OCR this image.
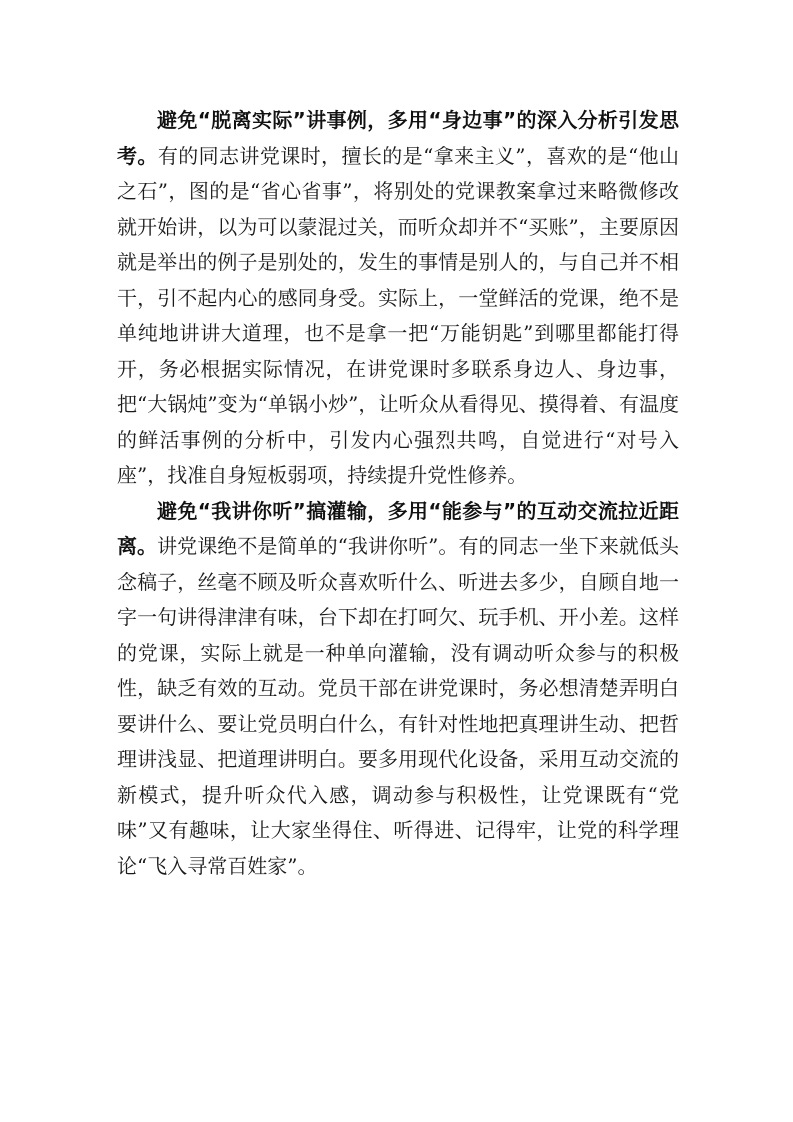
避免“脱离实际”讲事例，多用“身边事”的深入分析引发思考。有的同志讲党课时，擅长的是“拿来主义”，喜欢的是“他山之石”，图的是“省心省事”，将别处的党课教案拿过来略微修改就开始讲，以为可以蒙混过关，而听众却并不“买账”，主要原因就是举出的例子是别处的，发生的事情是别人的，与自己并不相干，引不起内心的感同身受。实际上，一堂鲜活的党课，绝不是单纯地讲讲大道理，也不是拿一把“万能钥匙”到哪里都能打得开，务必根据实际情况，在讲党课时多联系身边人、身边事，把“大锅炖”变为“单锅小炒”，让听众从看得见、摸得着、有温度的鲜活事例的分析中，引发内心强烈共鸣，自觉进行“对号入座”，找准自身短板弱项，持续提升党性修养。

避免“我讲你听”搞灌输，多用“能参与”的互动交流拉近距离。讲党课绝不是简单的“我讲你听”。有的同志一坐下来就低头念稿子，丝毫不顾及听众喜欢听什么、听进去多少，自顾自地一字一句讲得津津有味，台下却在打呵欠、玩手机、开小差。这样的党课，实际上就是一种单向灌输，没有调动听众参与的积极性，缺乏有效的互动。党员干部在讲党课时，务必想清楚弄明白要讲什么、要让党员明白什么，有针对性地把真理讲生动、把哲理讲浅显、把道理讲明白。要多用现代化设备，采用互动交流的新模式，提升听众代入感，调动参与积极性，让党课既有“党味”又有趣味，让大家坐得住、听得进、记得牢，让党的科学理论“飞入寻常百姓家”。
